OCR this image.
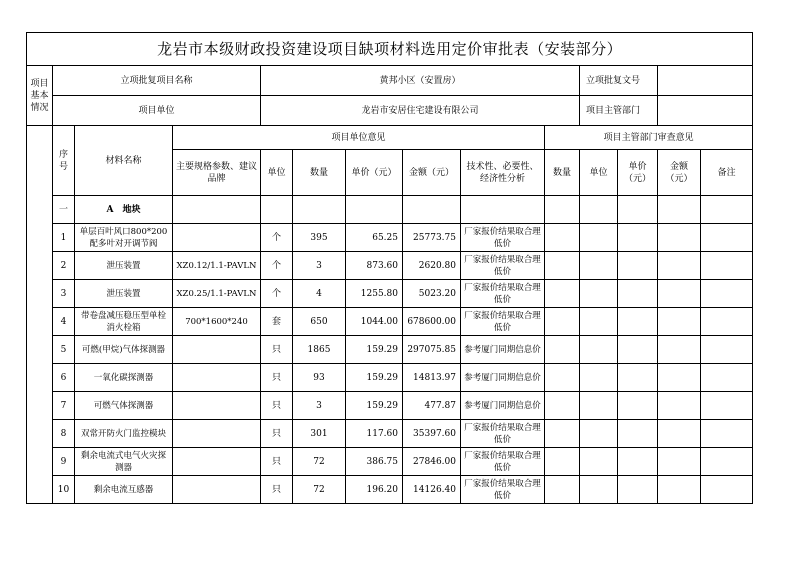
龙岩市本级财政投资建设项目缺项材料选用定价审批表（安装部分）													
项目基本情况	立项批复项目名称			黄邦小区（安置房）						立项批复文号			
	项目单位			龙岩市安居住宅建设有限公司						项目主管部门			
	序号	材料名称	项目单位意见						项目主管部门审查意见				
			主要规格参数、建议品牌	单位	数量	单价（元）	金额（元）	技术性、必要性、经济性分析	数量	单位	单价（元）	金额（元）	备注
	一	A　地块											
	1	单层百叶风口800*200配多叶对开调节阀		个	395	65.25	25773.75	厂家报价结果取合理低价					
	2	泄压装置	XZ0.12/1.1-PAVLN	个	3	873.60	2620.80	厂家报价结果取合理低价					
	3	泄压装置	XZ0.25/1.1-PAVLN	个	4	1255.80	5023.20	厂家报价结果取合理低价					
	4	带卷盘减压稳压型单栓消火栓箱	700*1600*240	套	650	1044.00	678600.00	厂家报价结果取合理低价					
	5	可燃(甲烷)气体探测器		只	1865	159.29	297075.85	参考厦门同期信息价					
	6	一氧化碳探测器		只	93	159.29	14813.97	参考厦门同期信息价					
	7	可燃气体探测器		只	3	159.29	477.87	参考厦门同期信息价					
	8	双常开防火门监控模块		只	301	117.60	35397.60	厂家报价结果取合理低价					
	9	剩余电流式电气火灾探测器		只	72	386.75	27846.00	厂家报价结果取合理低价					
	10	剩余电流互感器		只	72	196.20	14126.40	厂家报价结果取合理低价					
